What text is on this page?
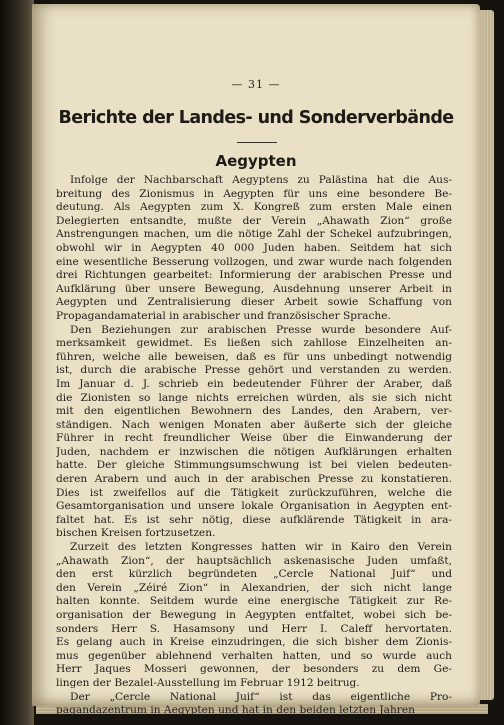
— 31 —
Berichte der Landes- und Sonderverbände
Aegypten
Infolge der Nachbarschaft Aegyptens zu Palästina hat die Aus-
breitung des Zionismus in Aegypten für uns eine besondere Be-
deutung. Als Aegypten zum X. Kongreß zum ersten Male einen
Delegierten entsandte, mußte der Verein „Ahawath Zion“ große
Anstrengungen machen, um die nötige Zahl der Schekel aufzubringen,
obwohl wir in Aegypten 40 000 Juden haben. Seitdem hat sich
eine wesentliche Besserung vollzogen, und zwar wurde nach folgenden
drei Richtungen gearbeitet: Informierung der arabischen Presse und
Aufklärung über unsere Bewegung, Ausdehnung unserer Arbeit in
Aegypten und Zentralisierung dieser Arbeit sowie Schaffung von
Propagandamaterial in arabischer und französischer Sprache.
Den Beziehungen zur arabischen Presse wurde besondere Auf-
merksamkeit gewidmet. Es ließen sich zahllose Einzelheiten an-
führen, welche alle beweisen, daß es für uns unbedingt notwendig
ist, durch die arabische Presse gehört und verstanden zu werden.
Im Januar d. J. schrieb ein bedeutender Führer der Araber, daß
die Zionisten so lange nichts erreichen würden, als sie sich nicht
mit den eigentlichen Bewohnern des Landes, den Arabern, ver-
ständigen. Nach wenigen Monaten aber äußerte sich der gleiche
Führer in recht freundlicher Weise über die Einwanderung der
Juden, nachdem er inzwischen die nötigen Aufklärungen erhalten
hatte. Der gleiche Stimmungsumschwung ist bei vielen bedeuten-
deren Arabern und auch in der arabischen Presse zu konstatieren.
Dies ist zweifellos auf die Tätigkeit zurückzuführen, welche die
Gesamtorganisation und unsere lokale Organisation in Aegypten ent-
faltet hat. Es ist sehr nötig, diese aufklärende Tätigkeit in ara-
bischen Kreisen fortzusetzen.
Zurzeit des letzten Kongresses hatten wir in Kairo den Verein
„Ahawath Zion“, der hauptsächlich askenasische Juden umfaßt,
den erst kürzlich begründeten „Cercle National Juif“ und
den Verein „Zéiré Zion“ in Alexandrien, der sich nicht lange
halten konnte. Seitdem wurde eine energische Tätigkeit zur Re-
organisation der Bewegung in Aegypten entfaltet, wobei sich be-
sonders Herr S. Hasamsony und Herr I. Caleff hervortaten.
Es gelang auch in Kreise einzudringen, die sich bisher dem Zionis-
mus gegenüber ablehnend verhalten hatten, und so wurde auch
Herr Jaques Mosseri gewonnen, der besonders zu dem Ge-
lingen der Bezalel-Ausstellung im Februar 1912 beitrug.
Der „Cercle National Juif“ ist das eigentliche Pro-
pagandazentrum in Aegypten und hat in den beiden letzten Jahren
